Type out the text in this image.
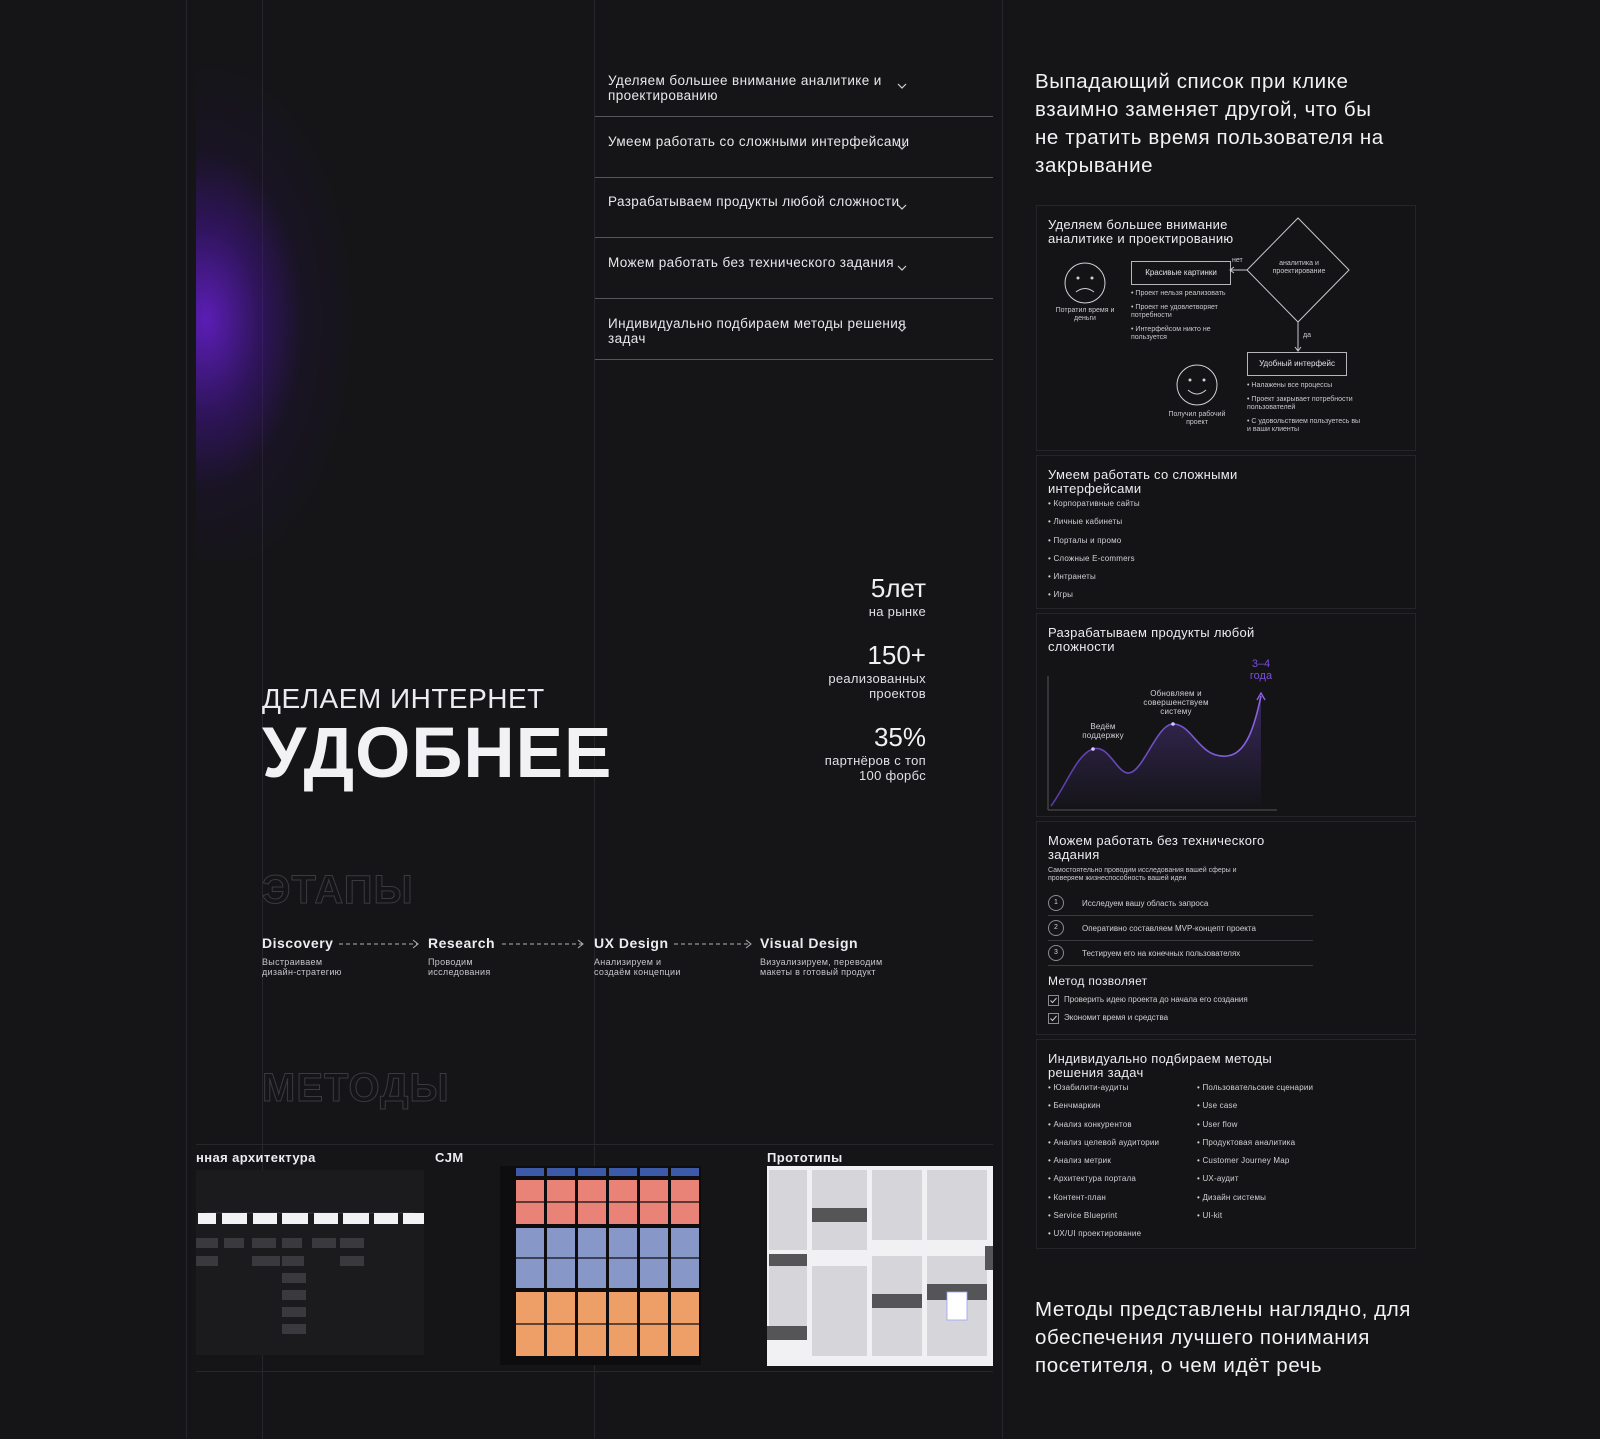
Уделяем большее внимание аналитике и проектированию
Умеем работать со сложными интерфейсами
Разрабатываем продукты любой сложности
Можем работать без технического задания
Индивидуально подбираем методы решения задач
5лет
на рынке
150+
реализованных проектов
35%
партнёров с топ 100 форбс
ДЕЛАЕМ ИНТЕРНЕТ
УДОБНЕЕ
ЭТАПЫ
Discovery
Выстраиваем дизайн-стратегию
Research
Проводим исследования
UX Design
Анализируем и создаём концепции
Visual Design
Визуализируем, переводим макеты в готовый продукт
МЕТОДЫ
нная архитектура	CJM	Прототипы
Выпадающий список при клике взаимно заменяет другой, что бы не тратить время пользователя на закрывание
Методы представлены наглядно, для обеспечения лучшего понимания посетителя, о чем идёт речь
Уделяем большее внимание аналитике и проектированию
Потратил время и деньги
Красивые картинки
• Проект нельзя реализовать
• Проект не удовлетворяет потребности
• Интерфейсом никто не пользуется
нет	аналитика и проектирование
да
Удобный интерфейс
• Налажены все процессы
• Проект закрывает потребности пользователей
• С удовольствием пользуетесь вы и ваши клиенты
Получил рабочий проект
Умеем работать со сложными интерфейсами
• Корпоративные сайты
• Личные кабинеты
• Порталы и промо
• Сложные E-commers
• Интранеты
• Игры
Разрабатываем продукты любой сложности
Ведём поддержку
Обновляем и совершенствуем систему
3–4 года
Можем работать без технического задания
Самостоятельно проводим исследования вашей сферы и проверяем жизнеспособность вашей идеи
1	Исследуем вашу область запроса
2	Оперативно составляем MVP-концепт проекта
3	Тестируем его на конечных пользователях
Метод позволяет
Проверить идею проекта до начала его создания
Экономит время и средства
Индивидуально подбираем методы решения задач
• Юзабилити-аудиты
• Бенчмаркин
• Анализ конкурентов
• Анализ целевой аудитории
• Анализ метрик
• Архитектура портала
• Контент-план
• Service Blueprint
• UX/UI проектирование
• Пользовательские сценарии
• Use case
• User flow
• Продуктовая аналитика
• Customer Journey Map
• UX-аудит
• Дизайн системы
• UI-kit
